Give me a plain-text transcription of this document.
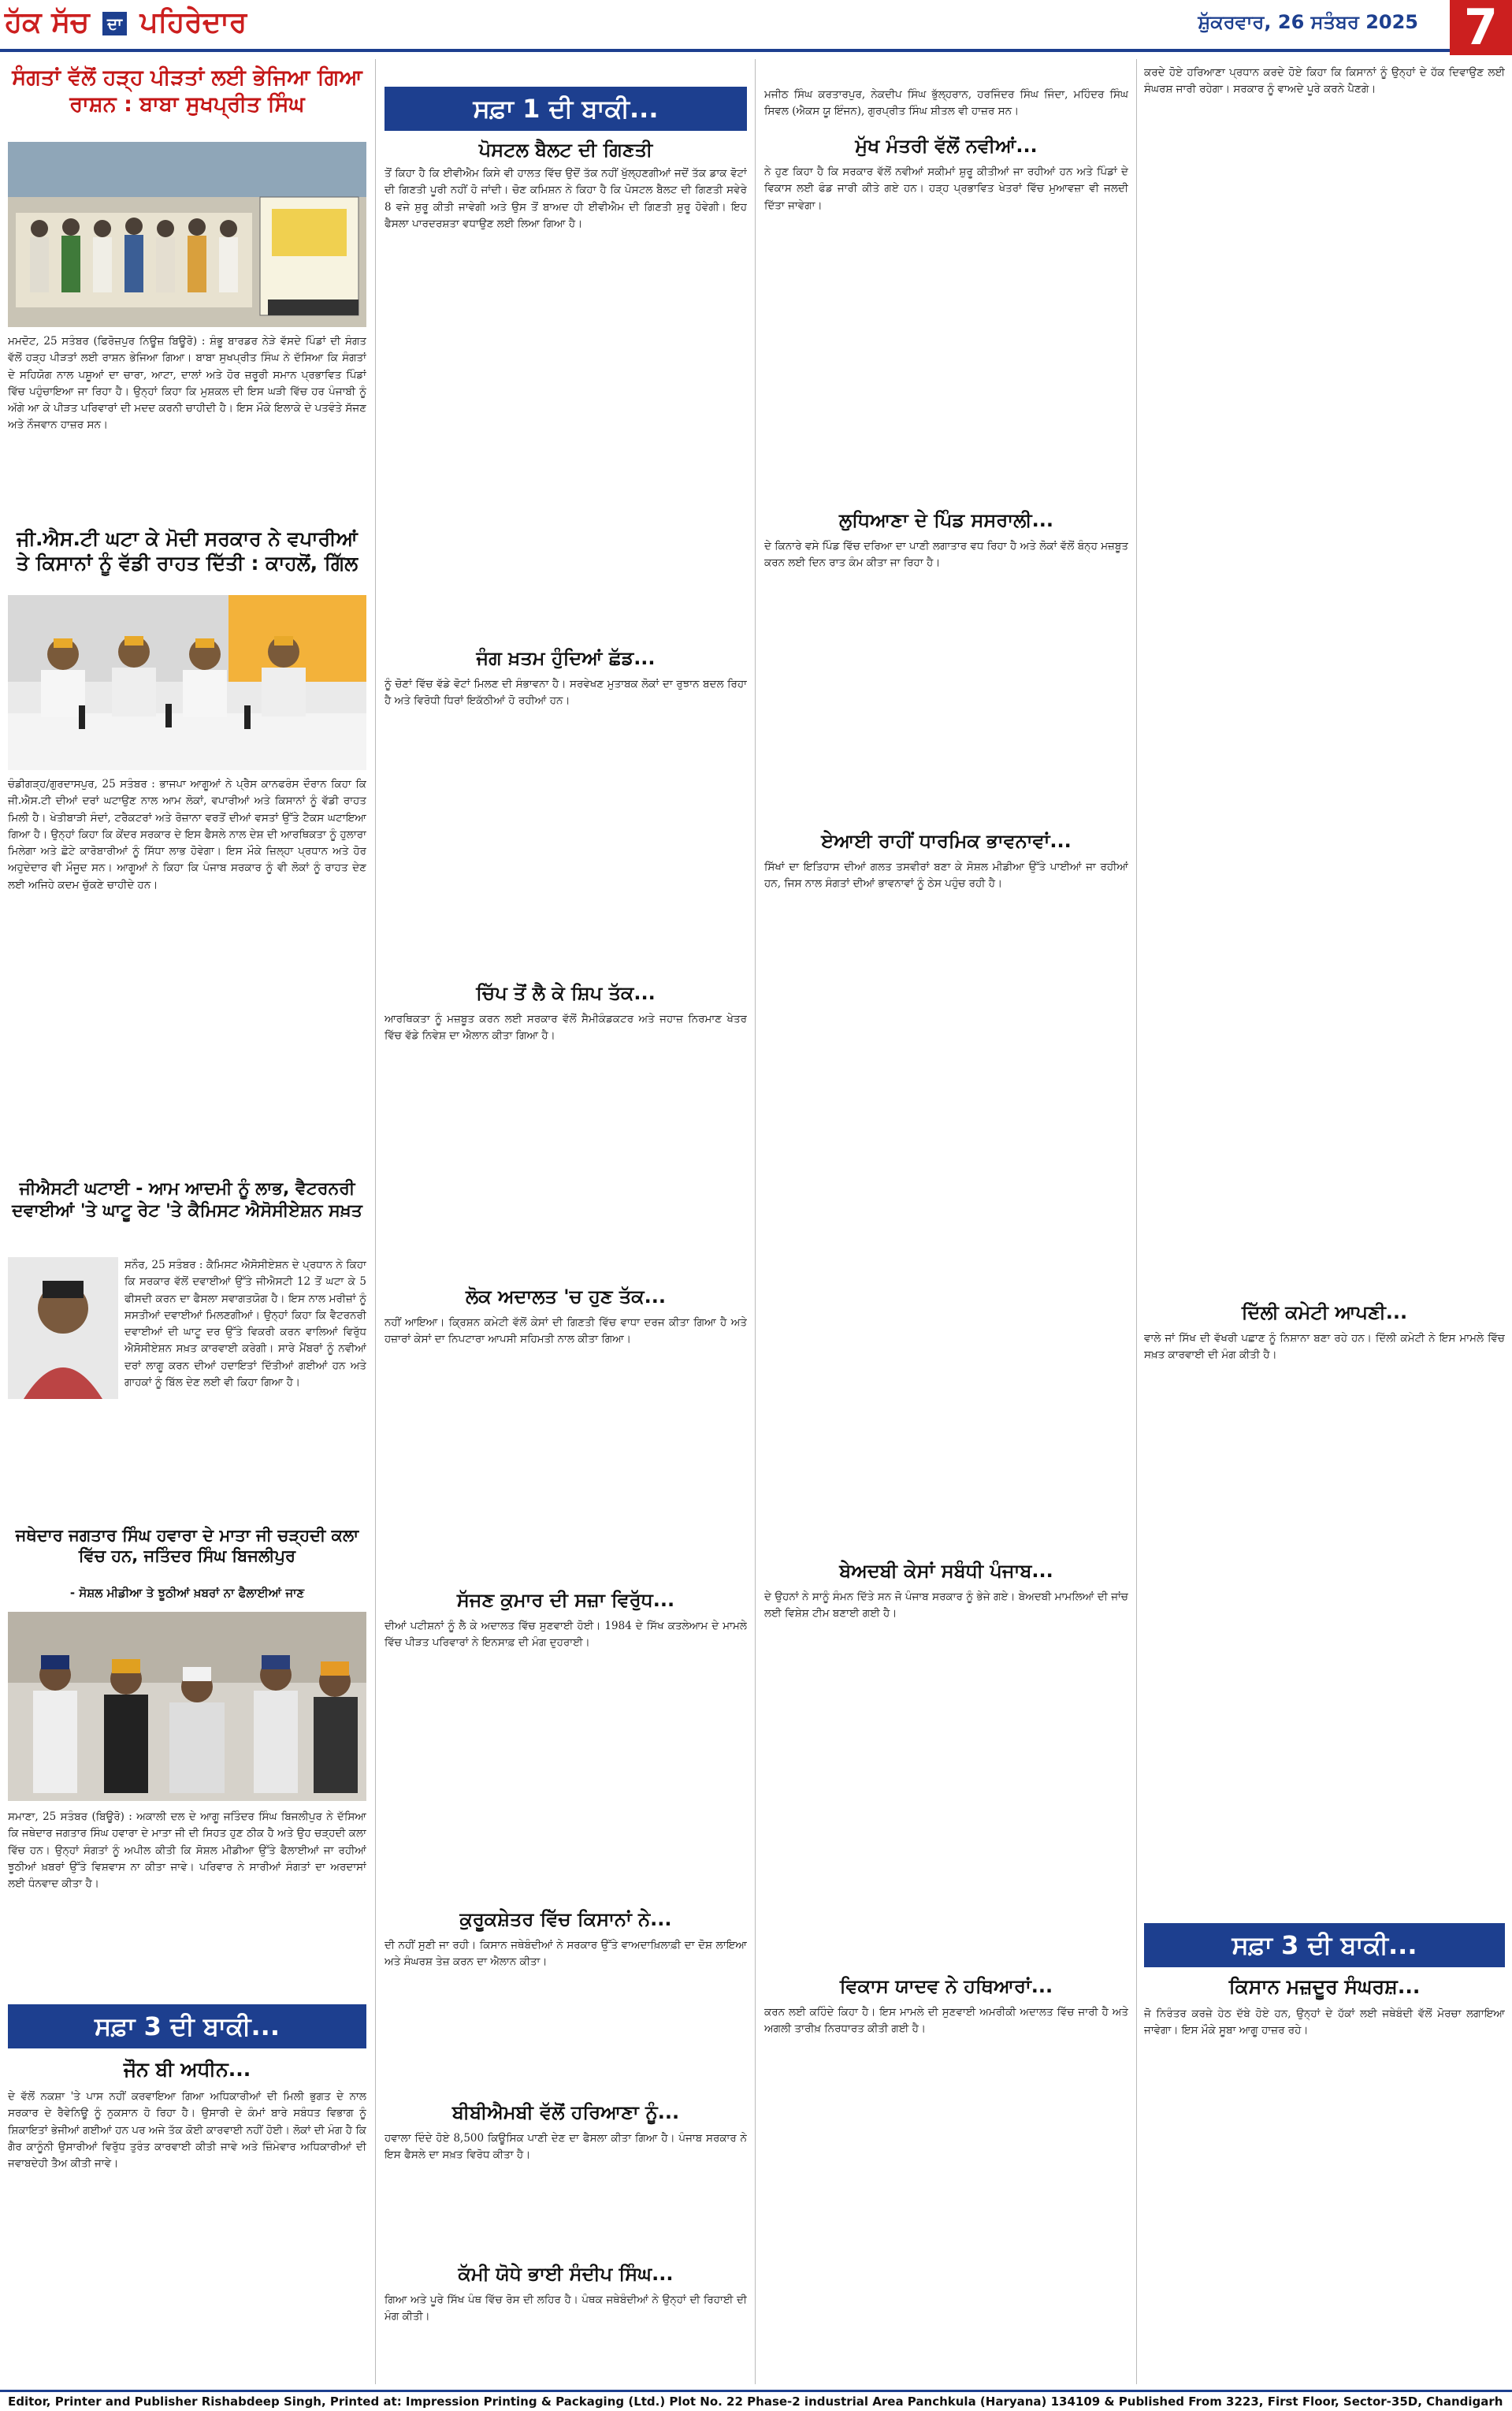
ਹੱਕ ਸੱਚ ਦਾ ਪਹਿਰੇਦਾਰ	ਸ਼ੁੱਕਰਵਾਰ, 26 ਸਤੰਬਰ 2025 7
ਸੰਗਤਾਂ ਵੱਲੋਂ ਹੜ੍ਹ ਪੀੜਤਾਂ ਲਈ ਭੇਜਿਆ ਗਿਆ ਰਾਸ਼ਨ : ਬਾਬਾ ਸੁਖਪ੍ਰੀਤ ਸਿੰਘ
ਮਮਦੋਟ, 25 ਸਤੰਬਰ (ਫਿਰੋਜ਼ਪੁਰ ਨਿਊਜ਼ ਬਿਊਰੋ) : ਸ਼ੰਭੂ ਬਾਰਡਰ ਨੇੜੇ ਵੱਸਦੇ ਪਿੰਡਾਂ ਦੀ ਸੰਗਤ ਵੱਲੋਂ ਹੜ੍ਹ ਪੀੜਤਾਂ ਲਈ ਰਾਸ਼ਨ ਭੇਜਿਆ ਗਿਆ। ਬਾਬਾ ਸੁਖਪ੍ਰੀਤ ਸਿੰਘ ਨੇ ਦੱਸਿਆ ਕਿ ਸੰਗਤਾਂ ਦੇ ਸਹਿਯੋਗ ਨਾਲ ਪਸ਼ੂਆਂ ਦਾ ਚਾਰਾ, ਆਟਾ, ਦਾਲਾਂ ਅਤੇ ਹੋਰ ਜ਼ਰੂਰੀ ਸਮਾਨ ਪ੍ਰਭਾਵਿਤ ਪਿੰਡਾਂ ਵਿੱਚ ਪਹੁੰਚਾਇਆ ਜਾ ਰਿਹਾ ਹੈ। ਉਨ੍ਹਾਂ ਕਿਹਾ ਕਿ ਮੁਸ਼ਕਲ ਦੀ ਇਸ ਘੜੀ ਵਿੱਚ ਹਰ ਪੰਜਾਬੀ ਨੂੰ ਅੱਗੇ ਆ ਕੇ ਪੀੜਤ ਪਰਿਵਾਰਾਂ ਦੀ ਮਦਦ ਕਰਨੀ ਚਾਹੀਦੀ ਹੈ। ਇਸ ਮੌਕੇ ਇਲਾਕੇ ਦੇ ਪਤਵੰਤੇ ਸੱਜਣ ਅਤੇ ਨੌਜਵਾਨ ਹਾਜ਼ਰ ਸਨ।
ਜੀ.ਐਸ.ਟੀ ਘਟਾ ਕੇ ਮੋਦੀ ਸਰਕਾਰ ਨੇ ਵਪਾਰੀਆਂ ਤੇ ਕਿਸਾਨਾਂ ਨੂੰ ਵੱਡੀ ਰਾਹਤ ਦਿੱਤੀ : ਕਾਹਲੋਂ, ਗਿੱਲ
ਚੰਡੀਗੜ੍ਹ/ਗੁਰਦਾਸਪੁਰ, 25 ਸਤੰਬਰ : ਭਾਜਪਾ ਆਗੂਆਂ ਨੇ ਪ੍ਰੈਸ ਕਾਨਫਰੰਸ ਦੌਰਾਨ ਕਿਹਾ ਕਿ ਜੀ.ਐਸ.ਟੀ ਦੀਆਂ ਦਰਾਂ ਘਟਾਉਣ ਨਾਲ ਆਮ ਲੋਕਾਂ, ਵਪਾਰੀਆਂ ਅਤੇ ਕਿਸਾਨਾਂ ਨੂੰ ਵੱਡੀ ਰਾਹਤ ਮਿਲੀ ਹੈ। ਖੇਤੀਬਾੜੀ ਸੰਦਾਂ, ਟਰੈਕਟਰਾਂ ਅਤੇ ਰੋਜ਼ਾਨਾ ਵਰਤੋਂ ਦੀਆਂ ਵਸਤਾਂ ਉੱਤੇ ਟੈਕਸ ਘਟਾਇਆ ਗਿਆ ਹੈ। ਉਨ੍ਹਾਂ ਕਿਹਾ ਕਿ ਕੇਂਦਰ ਸਰਕਾਰ ਦੇ ਇਸ ਫੈਸਲੇ ਨਾਲ ਦੇਸ਼ ਦੀ ਆਰਥਿਕਤਾ ਨੂੰ ਹੁਲਾਰਾ ਮਿਲੇਗਾ ਅਤੇ ਛੋਟੇ ਕਾਰੋਬਾਰੀਆਂ ਨੂੰ ਸਿੱਧਾ ਲਾਭ ਹੋਵੇਗਾ। ਇਸ ਮੌਕੇ ਜ਼ਿਲ੍ਹਾ ਪ੍ਰਧਾਨ ਅਤੇ ਹੋਰ ਅਹੁਦੇਦਾਰ ਵੀ ਮੌਜੂਦ ਸਨ। ਆਗੂਆਂ ਨੇ ਕਿਹਾ ਕਿ ਪੰਜਾਬ ਸਰਕਾਰ ਨੂੰ ਵੀ ਲੋਕਾਂ ਨੂੰ ਰਾਹਤ ਦੇਣ ਲਈ ਅਜਿਹੇ ਕਦਮ ਚੁੱਕਣੇ ਚਾਹੀਦੇ ਹਨ।
ਜੀਐਸਟੀ ਘਟਾਈ - ਆਮ ਆਦਮੀ ਨੂੰ ਲਾਭ, ਵੈਟਰਨਰੀ ਦਵਾਈਆਂ 'ਤੇ ਘਾਟੂ ਰੇਟ 'ਤੇ ਕੈਮਿਸਟ ਐਸੋਸੀਏਸ਼ਨ ਸਖ਼ਤ
ਸਨੌਰ, 25 ਸਤੰਬਰ : ਕੈਮਿਸਟ ਐਸੋਸੀਏਸ਼ਨ ਦੇ ਪ੍ਰਧਾਨ ਨੇ ਕਿਹਾ ਕਿ ਸਰਕਾਰ ਵੱਲੋਂ ਦਵਾਈਆਂ ਉੱਤੇ ਜੀਐਸਟੀ 12 ਤੋਂ ਘਟਾ ਕੇ 5 ਫੀਸਦੀ ਕਰਨ ਦਾ ਫੈਸਲਾ ਸਵਾਗਤਯੋਗ ਹੈ। ਇਸ ਨਾਲ ਮਰੀਜ਼ਾਂ ਨੂੰ ਸਸਤੀਆਂ ਦਵਾਈਆਂ ਮਿਲਣਗੀਆਂ। ਉਨ੍ਹਾਂ ਕਿਹਾ ਕਿ ਵੈਟਰਨਰੀ ਦਵਾਈਆਂ ਦੀ ਘਾਟੂ ਦਰ ਉੱਤੇ ਵਿਕਰੀ ਕਰਨ ਵਾਲਿਆਂ ਵਿਰੁੱਧ ਐਸੋਸੀਏਸ਼ਨ ਸਖ਼ਤ ਕਾਰਵਾਈ ਕਰੇਗੀ। ਸਾਰੇ ਮੈਂਬਰਾਂ ਨੂੰ ਨਵੀਆਂ ਦਰਾਂ ਲਾਗੂ ਕਰਨ ਦੀਆਂ ਹਦਾਇਤਾਂ ਦਿੱਤੀਆਂ ਗਈਆਂ ਹਨ ਅਤੇ ਗਾਹਕਾਂ ਨੂੰ ਬਿੱਲ ਦੇਣ ਲਈ ਵੀ ਕਿਹਾ ਗਿਆ ਹੈ।
ਜਥੇਦਾਰ ਜਗਤਾਰ ਸਿੰਘ ਹਵਾਰਾ ਦੇ ਮਾਤਾ ਜੀ ਚੜ੍ਹਦੀ ਕਲਾ ਵਿੱਚ ਹਨ, ਜਤਿੰਦਰ ਸਿੰਘ ਬਿਜਲੀਪੁਰ
- ਸੋਸ਼ਲ ਮੀਡੀਆ ਤੇ ਝੂਠੀਆਂ ਖ਼ਬਰਾਂ ਨਾ ਫੈਲਾਈਆਂ ਜਾਣ
ਸਮਾਣਾ, 25 ਸਤੰਬਰ (ਬਿਊਰੋ) : ਅਕਾਲੀ ਦਲ ਦੇ ਆਗੂ ਜਤਿੰਦਰ ਸਿੰਘ ਬਿਜਲੀਪੁਰ ਨੇ ਦੱਸਿਆ ਕਿ ਜਥੇਦਾਰ ਜਗਤਾਰ ਸਿੰਘ ਹਵਾਰਾ ਦੇ ਮਾਤਾ ਜੀ ਦੀ ਸਿਹਤ ਹੁਣ ਠੀਕ ਹੈ ਅਤੇ ਉਹ ਚੜ੍ਹਦੀ ਕਲਾ ਵਿੱਚ ਹਨ। ਉਨ੍ਹਾਂ ਸੰਗਤਾਂ ਨੂੰ ਅਪੀਲ ਕੀਤੀ ਕਿ ਸੋਸ਼ਲ ਮੀਡੀਆ ਉੱਤੇ ਫੈਲਾਈਆਂ ਜਾ ਰਹੀਆਂ ਝੂਠੀਆਂ ਖ਼ਬਰਾਂ ਉੱਤੇ ਵਿਸ਼ਵਾਸ ਨਾ ਕੀਤਾ ਜਾਵੇ। ਪਰਿਵਾਰ ਨੇ ਸਾਰੀਆਂ ਸੰਗਤਾਂ ਦਾ ਅਰਦਾਸਾਂ ਲਈ ਧੰਨਵਾਦ ਕੀਤਾ ਹੈ।
ਸਫ਼ਾ 3 ਦੀ ਬਾਕੀ...
ਜੌਨ ਬੀ ਅਧੀਨ...
ਦੇ ਵੱਲੋਂ ਨਕਸ਼ਾ 'ਤੇ ਪਾਸ ਨਹੀਂ ਕਰਵਾਇਆ ਗਿਆ ਅਧਿਕਾਰੀਆਂ ਦੀ ਮਿਲੀ ਭੁਗਤ ਦੇ ਨਾਲ ਸਰਕਾਰ ਦੇ ਰੈਵੇਨਿਊ ਨੂੰ ਨੁਕਸਾਨ ਹੋ ਰਿਹਾ ਹੈ। ਉਸਾਰੀ ਦੇ ਕੰਮਾਂ ਬਾਰੇ ਸਬੰਧਤ ਵਿਭਾਗ ਨੂੰ ਸ਼ਿਕਾਇਤਾਂ ਭੇਜੀਆਂ ਗਈਆਂ ਹਨ ਪਰ ਅਜੇ ਤੱਕ ਕੋਈ ਕਾਰਵਾਈ ਨਹੀਂ ਹੋਈ। ਲੋਕਾਂ ਦੀ ਮੰਗ ਹੈ ਕਿ ਗੈਰ ਕਾਨੂੰਨੀ ਉਸਾਰੀਆਂ ਵਿਰੁੱਧ ਤੁਰੰਤ ਕਾਰਵਾਈ ਕੀਤੀ ਜਾਵੇ ਅਤੇ ਜ਼ਿੰਮੇਵਾਰ ਅਧਿਕਾਰੀਆਂ ਦੀ ਜਵਾਬਦੇਹੀ ਤੈਅ ਕੀਤੀ ਜਾਵੇ।
ਸਫ਼ਾ 1 ਦੀ ਬਾਕੀ...
ਪੋਸਟਲ ਬੈਲਟ ਦੀ ਗਿਣਤੀ
ਤੋਂ ਕਿਹਾ ਹੈ ਕਿ ਈਵੀਐਮ ਕਿਸੇ ਵੀ ਹਾਲਤ ਵਿੱਚ ਉਦੋਂ ਤੱਕ ਨਹੀਂ ਖੁੱਲ੍ਹਣਗੀਆਂ ਜਦੋਂ ਤੱਕ ਡਾਕ ਵੋਟਾਂ ਦੀ ਗਿਣਤੀ ਪੂਰੀ ਨਹੀਂ ਹੋ ਜਾਂਦੀ। ਚੋਣ ਕਮਿਸ਼ਨ ਨੇ ਕਿਹਾ ਹੈ ਕਿ ਪੋਸਟਲ ਬੈਲਟ ਦੀ ਗਿਣਤੀ ਸਵੇਰੇ 8 ਵਜੇ ਸ਼ੁਰੂ ਕੀਤੀ ਜਾਵੇਗੀ ਅਤੇ ਉਸ ਤੋਂ ਬਾਅਦ ਹੀ ਈਵੀਐਮ ਦੀ ਗਿਣਤੀ ਸ਼ੁਰੂ ਹੋਵੇਗੀ। ਇਹ ਫੈਸਲਾ ਪਾਰਦਰਸ਼ਤਾ ਵਧਾਉਣ ਲਈ ਲਿਆ ਗਿਆ ਹੈ।
ਜੰਗ ਖ਼ਤਮ ਹੁੰਦਿਆਂ ਛੱਡ...
ਨੂੰ ਚੋਣਾਂ ਵਿੱਚ ਵੱਡੇ ਵੋਟਾਂ ਮਿਲਣ ਦੀ ਸੰਭਾਵਨਾ ਹੈ। ਸਰਵੇਖਣ ਮੁਤਾਬਕ ਲੋਕਾਂ ਦਾ ਰੁਝਾਨ ਬਦਲ ਰਿਹਾ ਹੈ ਅਤੇ ਵਿਰੋਧੀ ਧਿਰਾਂ ਇਕੱਠੀਆਂ ਹੋ ਰਹੀਆਂ ਹਨ।
ਚਿੱਪ ਤੋਂ ਲੈ ਕੇ ਸ਼ਿਪ ਤੱਕ...
ਆਰਥਿਕਤਾ ਨੂੰ ਮਜ਼ਬੂਤ ਕਰਨ ਲਈ ਸਰਕਾਰ ਵੱਲੋਂ ਸੈਮੀਕੰਡਕਟਰ ਅਤੇ ਜਹਾਜ਼ ਨਿਰਮਾਣ ਖੇਤਰ ਵਿੱਚ ਵੱਡੇ ਨਿਵੇਸ਼ ਦਾ ਐਲਾਨ ਕੀਤਾ ਗਿਆ ਹੈ।
ਲੋਕ ਅਦਾਲਤ 'ਚ ਹੁਣ ਤੱਕ...
ਨਹੀਂ ਆਇਆ। ਕ੍ਰਿਸ਼ਨ ਕਮੇਟੀ ਵੱਲੋਂ ਕੇਸਾਂ ਦੀ ਗਿਣਤੀ ਵਿੱਚ ਵਾਧਾ ਦਰਜ ਕੀਤਾ ਗਿਆ ਹੈ ਅਤੇ ਹਜ਼ਾਰਾਂ ਕੇਸਾਂ ਦਾ ਨਿਪਟਾਰਾ ਆਪਸੀ ਸਹਿਮਤੀ ਨਾਲ ਕੀਤਾ ਗਿਆ।
ਸੱਜਣ ਕੁਮਾਰ ਦੀ ਸਜ਼ਾ ਵਿਰੁੱਧ...
ਦੀਆਂ ਪਟੀਸ਼ਨਾਂ ਨੂੰ ਲੈ ਕੇ ਅਦਾਲਤ ਵਿੱਚ ਸੁਣਵਾਈ ਹੋਈ। 1984 ਦੇ ਸਿੱਖ ਕਤਲੇਆਮ ਦੇ ਮਾਮਲੇ ਵਿੱਚ ਪੀੜਤ ਪਰਿਵਾਰਾਂ ਨੇ ਇਨਸਾਫ਼ ਦੀ ਮੰਗ ਦੁਹਰਾਈ।
ਕੁਰੂਕਸ਼ੇਤਰ ਵਿੱਚ ਕਿਸਾਨਾਂ ਨੇ...
ਦੀ ਨਹੀਂ ਸੁਣੀ ਜਾ ਰਹੀ। ਕਿਸਾਨ ਜਥੇਬੰਦੀਆਂ ਨੇ ਸਰਕਾਰ ਉੱਤੇ ਵਾਅਦਾਖ਼ਿਲਾਫ਼ੀ ਦਾ ਦੋਸ਼ ਲਾਇਆ ਅਤੇ ਸੰਘਰਸ਼ ਤੇਜ਼ ਕਰਨ ਦਾ ਐਲਾਨ ਕੀਤਾ।
ਬੀਬੀਐਮਬੀ ਵੱਲੋਂ ਹਰਿਆਣਾ ਨੂੰ...
ਹਵਾਲਾ ਦਿੰਦੇ ਹੋਏ 8,500 ਕਿਊਸਿਕ ਪਾਣੀ ਦੇਣ ਦਾ ਫੈਸਲਾ ਕੀਤਾ ਗਿਆ ਹੈ। ਪੰਜਾਬ ਸਰਕਾਰ ਨੇ ਇਸ ਫੈਸਲੇ ਦਾ ਸਖ਼ਤ ਵਿਰੋਧ ਕੀਤਾ ਹੈ।
ਕੱਮੀ ਯੋਧੇ ਭਾਈ ਸੰਦੀਪ ਸਿੰਘ...
ਗਿਆ ਅਤੇ ਪੂਰੇ ਸਿੱਖ ਪੰਥ ਵਿੱਚ ਰੋਸ ਦੀ ਲਹਿਰ ਹੈ। ਪੰਥਕ ਜਥੇਬੰਦੀਆਂ ਨੇ ਉਨ੍ਹਾਂ ਦੀ ਰਿਹਾਈ ਦੀ ਮੰਗ ਕੀਤੀ।
ਮਜੀਠ ਸਿੰਘ ਕਰਤਾਰਪੁਰ, ਨੇਕਦੀਪ ਸਿੰਘ ਭੁੱਲ੍ਹਰਾਨ, ਹਰਜਿੰਦਰ ਸਿੰਘ ਜਿੰਦਾ, ਮਹਿੰਦਰ ਸਿੰਘ ਸਿਵਲ (ਐਕਸ ਯੂ ਇੰਜਨ), ਗੁਰਪ੍ਰੀਤ ਸਿੰਘ ਸ਼ੀਤਲ ਵੀ ਹਾਜ਼ਰ ਸਨ।
ਮੁੱਖ ਮੰਤਰੀ ਵੱਲੋਂ ਨਵੀਆਂ...
ਨੇ ਹੁਣ ਕਿਹਾ ਹੈ ਕਿ ਸਰਕਾਰ ਵੱਲੋਂ ਨਵੀਆਂ ਸਕੀਮਾਂ ਸ਼ੁਰੂ ਕੀਤੀਆਂ ਜਾ ਰਹੀਆਂ ਹਨ ਅਤੇ ਪਿੰਡਾਂ ਦੇ ਵਿਕਾਸ ਲਈ ਫੰਡ ਜਾਰੀ ਕੀਤੇ ਗਏ ਹਨ। ਹੜ੍ਹ ਪ੍ਰਭਾਵਿਤ ਖੇਤਰਾਂ ਵਿੱਚ ਮੁਆਵਜ਼ਾ ਵੀ ਜਲਦੀ ਦਿੱਤਾ ਜਾਵੇਗਾ।
ਲੁਧਿਆਣਾ ਦੇ ਪਿੰਡ ਸਸਰਾਲੀ...
ਦੇ ਕਿਨਾਰੇ ਵਸੇ ਪਿੰਡ ਵਿੱਚ ਦਰਿਆ ਦਾ ਪਾਣੀ ਲਗਾਤਾਰ ਵਧ ਰਿਹਾ ਹੈ ਅਤੇ ਲੋਕਾਂ ਵੱਲੋਂ ਬੰਨ੍ਹ ਮਜ਼ਬੂਤ ਕਰਨ ਲਈ ਦਿਨ ਰਾਤ ਕੰਮ ਕੀਤਾ ਜਾ ਰਿਹਾ ਹੈ।
ਏਆਈ ਰਾਹੀਂ ਧਾਰਮਿਕ ਭਾਵਨਾਵਾਂ...
ਸਿੱਖਾਂ ਦਾ ਇਤਿਹਾਸ ਦੀਆਂ ਗਲਤ ਤਸਵੀਰਾਂ ਬਣਾ ਕੇ ਸੋਸ਼ਲ ਮੀਡੀਆ ਉੱਤੇ ਪਾਈਆਂ ਜਾ ਰਹੀਆਂ ਹਨ, ਜਿਸ ਨਾਲ ਸੰਗਤਾਂ ਦੀਆਂ ਭਾਵਨਾਵਾਂ ਨੂੰ ਠੇਸ ਪਹੁੰਚ ਰਹੀ ਹੈ।
ਬੇਅਦਬੀ ਕੇਸਾਂ ਸਬੰਧੀ ਪੰਜਾਬ...
ਦੇ ਉਹਨਾਂ ਨੇ ਸਾਨੂੰ ਸੰਮਨ ਦਿੱਤੇ ਸਨ ਜੋ ਪੰਜਾਬ ਸਰਕਾਰ ਨੂੰ ਭੇਜੇ ਗਏ। ਬੇਅਦਬੀ ਮਾਮਲਿਆਂ ਦੀ ਜਾਂਚ ਲਈ ਵਿਸ਼ੇਸ਼ ਟੀਮ ਬਣਾਈ ਗਈ ਹੈ।
ਵਿਕਾਸ ਯਾਦਵ ਨੇ ਹਥਿਆਰਾਂ...
ਕਰਨ ਲਈ ਕਹਿੰਦੇ ਕਿਹਾ ਹੈ। ਇਸ ਮਾਮਲੇ ਦੀ ਸੁਣਵਾਈ ਅਮਰੀਕੀ ਅਦਾਲਤ ਵਿੱਚ ਜਾਰੀ ਹੈ ਅਤੇ ਅਗਲੀ ਤਾਰੀਖ਼ ਨਿਰਧਾਰਤ ਕੀਤੀ ਗਈ ਹੈ।
ਕਰਦੇ ਹੋਏ ਹਰਿਆਣਾ ਪ੍ਰਧਾਨ ਕਰਦੇ ਹੋਏ ਕਿਹਾ ਕਿ ਕਿਸਾਨਾਂ ਨੂੰ ਉਨ੍ਹਾਂ ਦੇ ਹੱਕ ਦਿਵਾਉਣ ਲਈ ਸੰਘਰਸ਼ ਜਾਰੀ ਰਹੇਗਾ। ਸਰਕਾਰ ਨੂੰ ਵਾਅਦੇ ਪੂਰੇ ਕਰਨੇ ਪੈਣਗੇ।
ਦਿੱਲੀ ਕਮੇਟੀ ਆਪਣੀ...
ਵਾਲੇ ਜਾਂ ਸਿੱਖ ਦੀ ਵੱਖਰੀ ਪਛਾਣ ਨੂੰ ਨਿਸ਼ਾਨਾ ਬਣਾ ਰਹੇ ਹਨ। ਦਿੱਲੀ ਕਮੇਟੀ ਨੇ ਇਸ ਮਾਮਲੇ ਵਿੱਚ ਸਖ਼ਤ ਕਾਰਵਾਈ ਦੀ ਮੰਗ ਕੀਤੀ ਹੈ।
ਸਫ਼ਾ 3 ਦੀ ਬਾਕੀ...
ਕਿਸਾਨ ਮਜ਼ਦੂਰ ਸੰਘਰਸ਼...
ਜੋ ਨਿਰੰਤਰ ਕਰਜ਼ੇ ਹੇਠ ਦੱਬੇ ਹੋਏ ਹਨ, ਉਨ੍ਹਾਂ ਦੇ ਹੱਕਾਂ ਲਈ ਜਥੇਬੰਦੀ ਵੱਲੋਂ ਮੋਰਚਾ ਲਗਾਇਆ ਜਾਵੇਗਾ। ਇਸ ਮੌਕੇ ਸੂਬਾ ਆਗੂ ਹਾਜ਼ਰ ਰਹੇ।
Editor, Printer and Publisher Rishabdeep Singh, Printed at: Impression Printing & Packaging (Ltd.) Plot No. 22 Phase-2 industrial Area Panchkula (Haryana) 134109 & Published From 3223, First Floor, Sector-35D, Chandigarh
